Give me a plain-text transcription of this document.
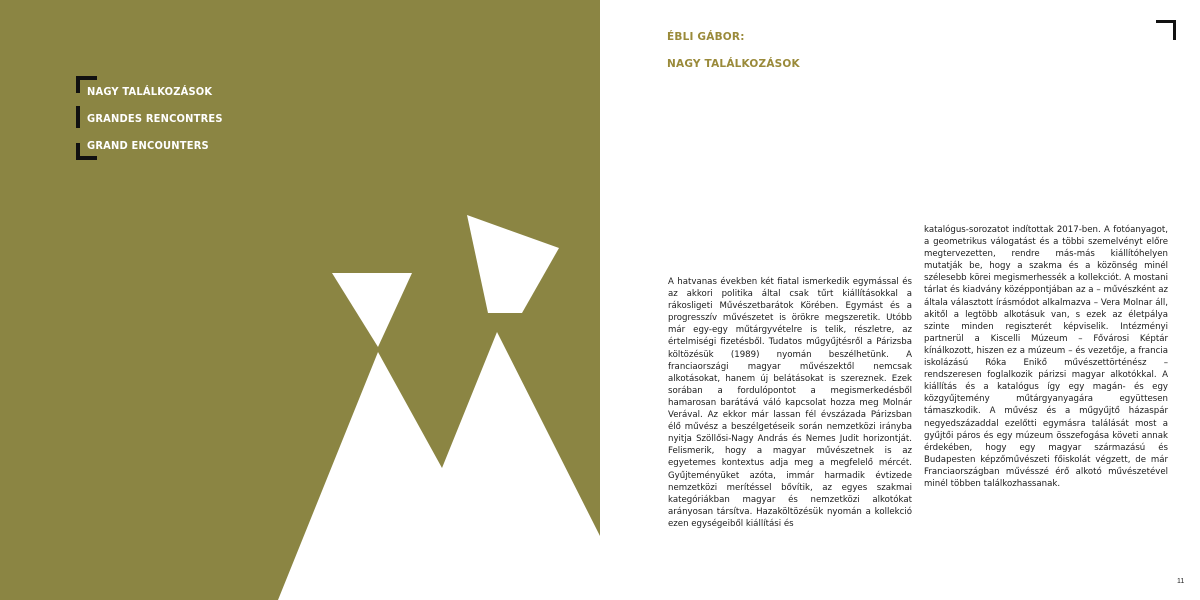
NAGY TALÁLKOZÁSOK
GRANDES RENCONTRES
GRAND ENCOUNTERS
ÉBLI GÁBOR:
NAGY TALÁLKOZÁSOK

A hatvanas években két fiatal ismerkedik egymással és az akkori politika által csak tűrt kiállításokkal a rákosligeti Művészetbarátok Körében. Egymást és a progresszív művészetet is örökre megszeretik. Utóbb már egy-egy műtárgyvételre is telik, részletre, az értelmiségi fizetésből. Tudatos műgyűjtésről a Párizsba költözésük (1989) nyomán beszélhetünk. A franciaországi magyar művészektől nemcsak alkotásokat, hanem új belátásokat is szereznek. Ezek sorában a fordulópontot a megismerkedésből hamarosan barátává váló kapcsolat hozza meg Molnár Verával. Az ekkor már lassan fél évszázada Párizsban élő művész a beszélgetéseik során nemzetközi irányba nyitja Szöllősi-Nagy András és Nemes Judit horizontját. Felismerik, hogy a magyar művészetnek is az egyetemes kontextus adja meg a megfelelő mércét. Gyűjteményüket azóta, immár harmadik évtizede nemzetközi merítéssel bővítik, az egyes szakmai kategóriákban magyar és nemzetközi alkotókat arányosan társítva. Hazaköltözésük nyomán a kollekció ezen egységeiből kiállítási és

katalógus-sorozatot indítottak 2017-ben. A fotóanyagot, a geometrikus válogatást és a többi szemelvényt előre megtervezetten, rendre más-más kiállítóhelyen mutatják be, hogy a szakma és a közönség minél szélesebb körei megismerhessék a kollekciót. A mostani tárlat és kiadvány középpontjában az a – művészként az általa választott írásmódot alkalmazva – Vera Molnar áll, akitől a legtöbb alkotásuk van, s ezek az életpálya szinte minden regiszterét képviselik. Intézményi partnerül a Kiscelli Múzeum – Fővárosi Képtár kínálkozott, hiszen ez a múzeum – és vezetője, a francia iskolázású Róka Enikő művészettörténész – rendszeresen foglalkozik párizsi magyar alkotókkal. A kiállítás és a katalógus így egy magán- és egy közgyűjtemény műtárgyanyagára együttesen támaszkodik. A művész és a műgyűjtő házaspár negyedszázaddal ezelőtti egymásra találását most a gyűjtői páros és egy múzeum összefogása követi annak érdekében, hogy egy magyar származású és Budapesten képzőművészeti főiskolát végzett, de már Franciaországban művésszé érő alkotó művészetével minél többen találkozhassanak.

11
